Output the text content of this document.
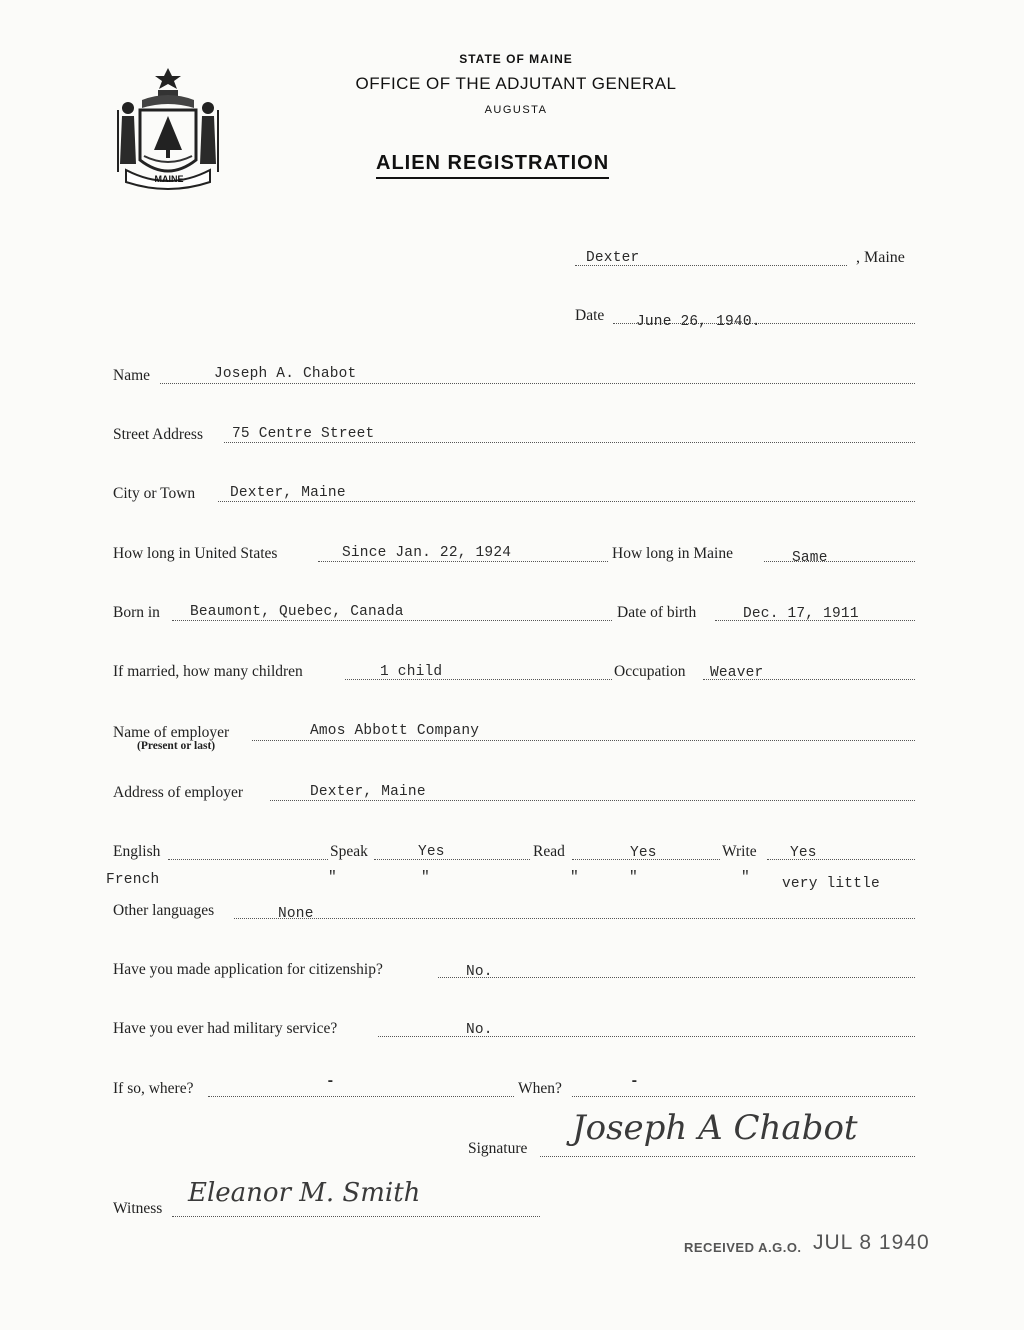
MAINE
STATE OF MAINE
OFFICE OF THE ADJUTANT GENERAL
AUGUSTA
ALIEN REGISTRATION
Dexter	, Maine
Date June 26, 1940.
Name	Joseph A. Chabot
Street Address 75 Centre Street
City or Town Dexter, Maine
How long in United States	Since Jan. 22, 1924	How long in Maine	Same
Born in Beaumont, Quebec, Canada	Date of birth	Dec. 17, 1911
If married, how many children	1 child	Occupation Weaver
Name of employer
(Present or last)
Amos Abbott Company
Address of employer	Dexter, Maine
English	Speak	Yes	Read	Yes	Write Yes
French	"	"	"	"	" very little
Other languages	None
Have you made application for citizenship?	No.
Have you ever had military service?	No.
If so, where?	-	When?	-
Signature
Joseph A Chabot
Witness
Eleanor M. Smith
RECEIVED A.G.O. JUL 8 1940
